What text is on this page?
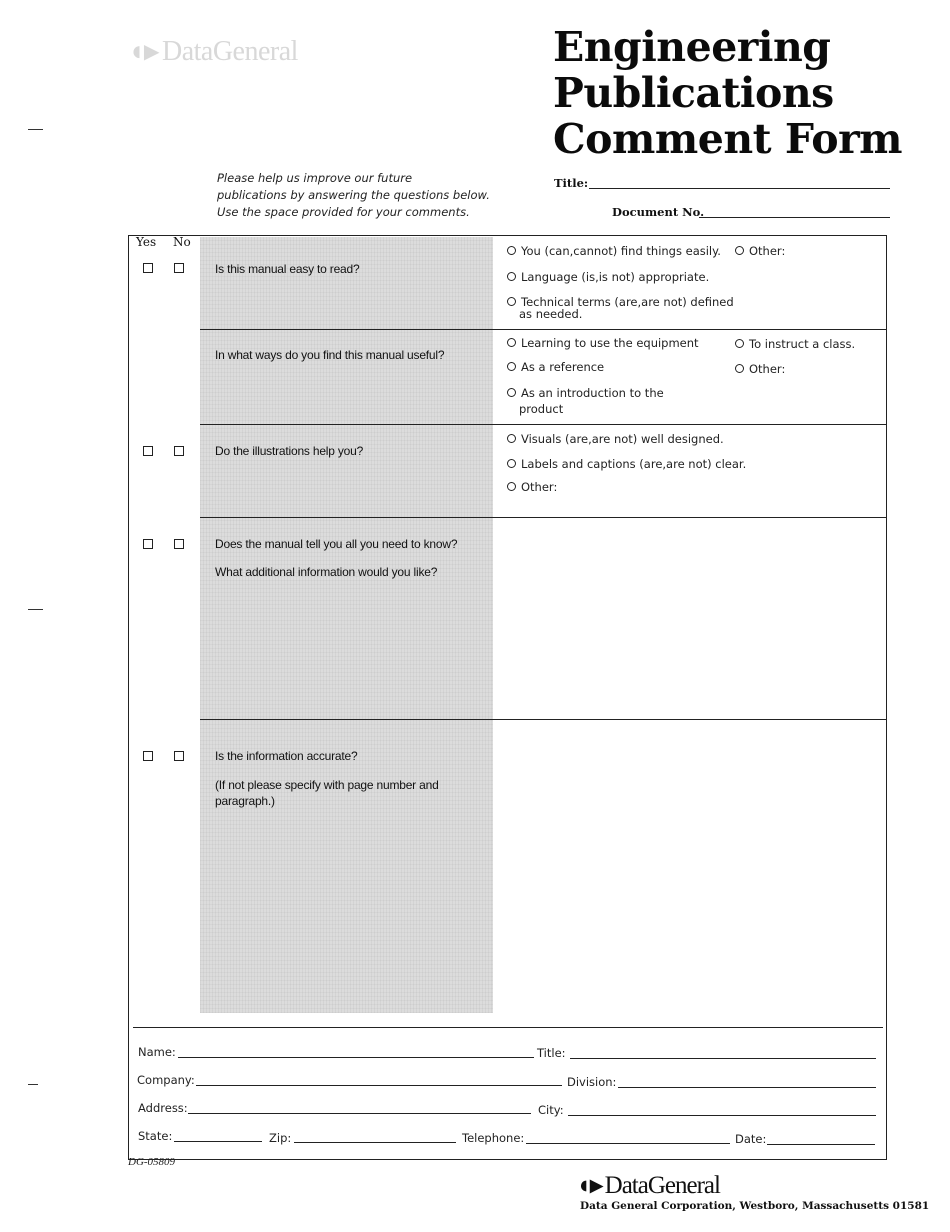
◖▸ DataGeneral	Engineering
Publications
Comment Form
Please help us improve our future
publications by answering the questions below.
Use the space provided for your comments.
Title:
Document No.
Yes No
Is this manual easy to read?
You (can,cannot) find things easily.
Language (is,is not) appropriate.
Technical terms (are,are not) defined
as needed.
Other:
In what ways do you find this manual useful?
Learning to use the equipment
As a reference
As an introduction to the
product
To instruct a class.
Other:
Do the illustrations help you?
Visuals (are,are not) well designed.
Labels and captions (are,are not) clear.
Other:
Does the manual tell you all you need to know?
What additional information would you like?
Is the information accurate?
(If not please specify with page number and
paragraph.)
Name:	Title:
Company:	Division:
Address:	City:
State:	Zip:	Telephone:	Date:
DG-05809
◖▸ DataGeneral
Data General Corporation, Westboro, Massachusetts 01581
